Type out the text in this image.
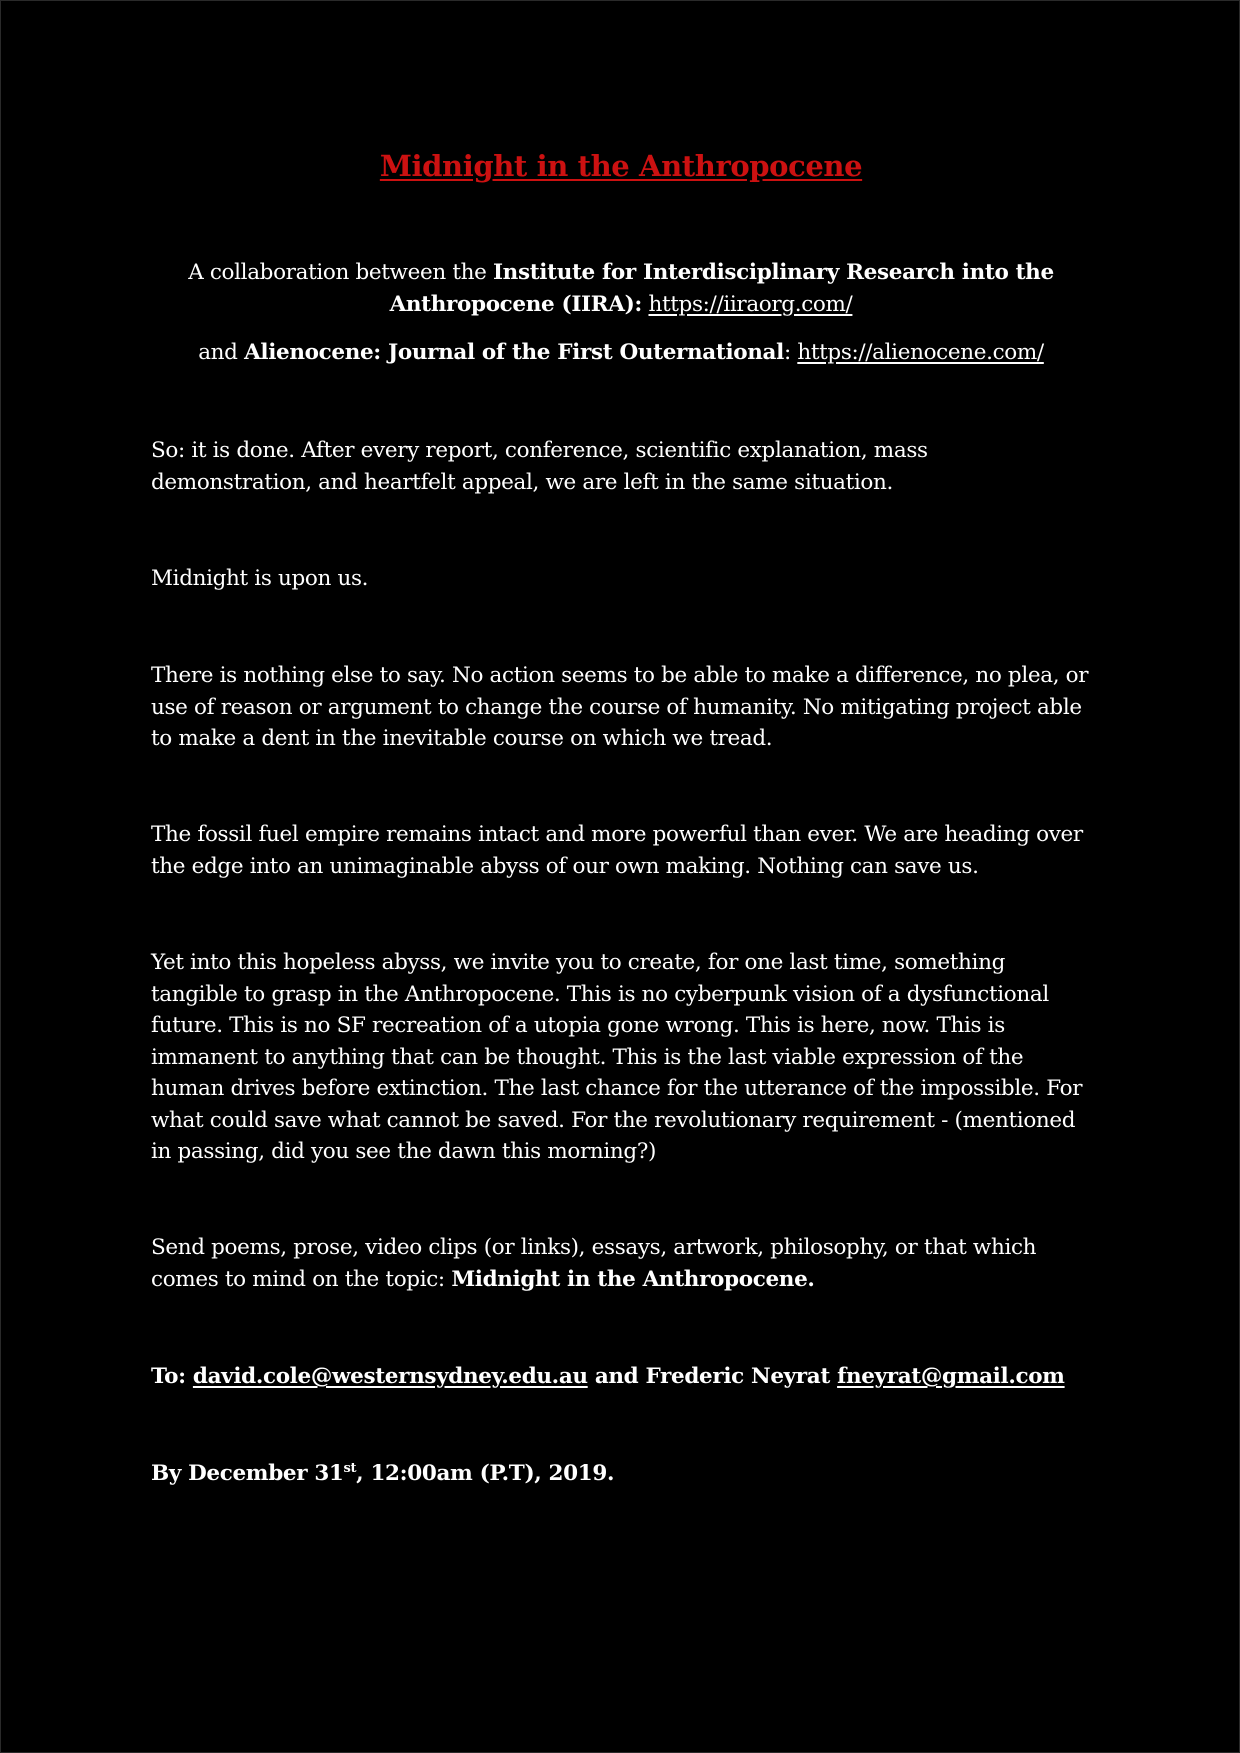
Midnight in the Anthropocene
A collaboration between the Institute for Interdisciplinary Research into the Anthropocene (IIRA): https://iiraorg.com/
and Alienocene: Journal of the First Outernational: https://alienocene.com/

So: it is done. After every report, conference, scientific explanation, mass demonstration, and heartfelt appeal, we are left in the same situation.

Midnight is upon us.

There is nothing else to say. No action seems to be able to make a difference, no plea, or use of reason or argument to change the course of humanity. No mitigating project able to make a dent in the inevitable course on which we tread.

The fossil fuel empire remains intact and more powerful than ever. We are heading over the edge into an unimaginable abyss of our own making. Nothing can save us.

Yet into this hopeless abyss, we invite you to create, for one last time, something tangible to grasp in the Anthropocene. This is no cyberpunk vision of a dysfunctional future. This is no SF recreation of a utopia gone wrong. This is here, now. This is immanent to anything that can be thought. This is the last viable expression of the human drives before extinction. The last chance for the utterance of the impossible. For what could save what cannot be saved. For the revolutionary requirement - (mentioned in passing, did you see the dawn this morning?)

Send poems, prose, video clips (or links), essays, artwork, philosophy, or that which comes to mind on the topic: Midnight in the Anthropocene.

To: david.cole@westernsydney.edu.au and Frederic Neyrat fneyrat@gmail.com

By December 31st, 12:00am (P.T), 2019.
